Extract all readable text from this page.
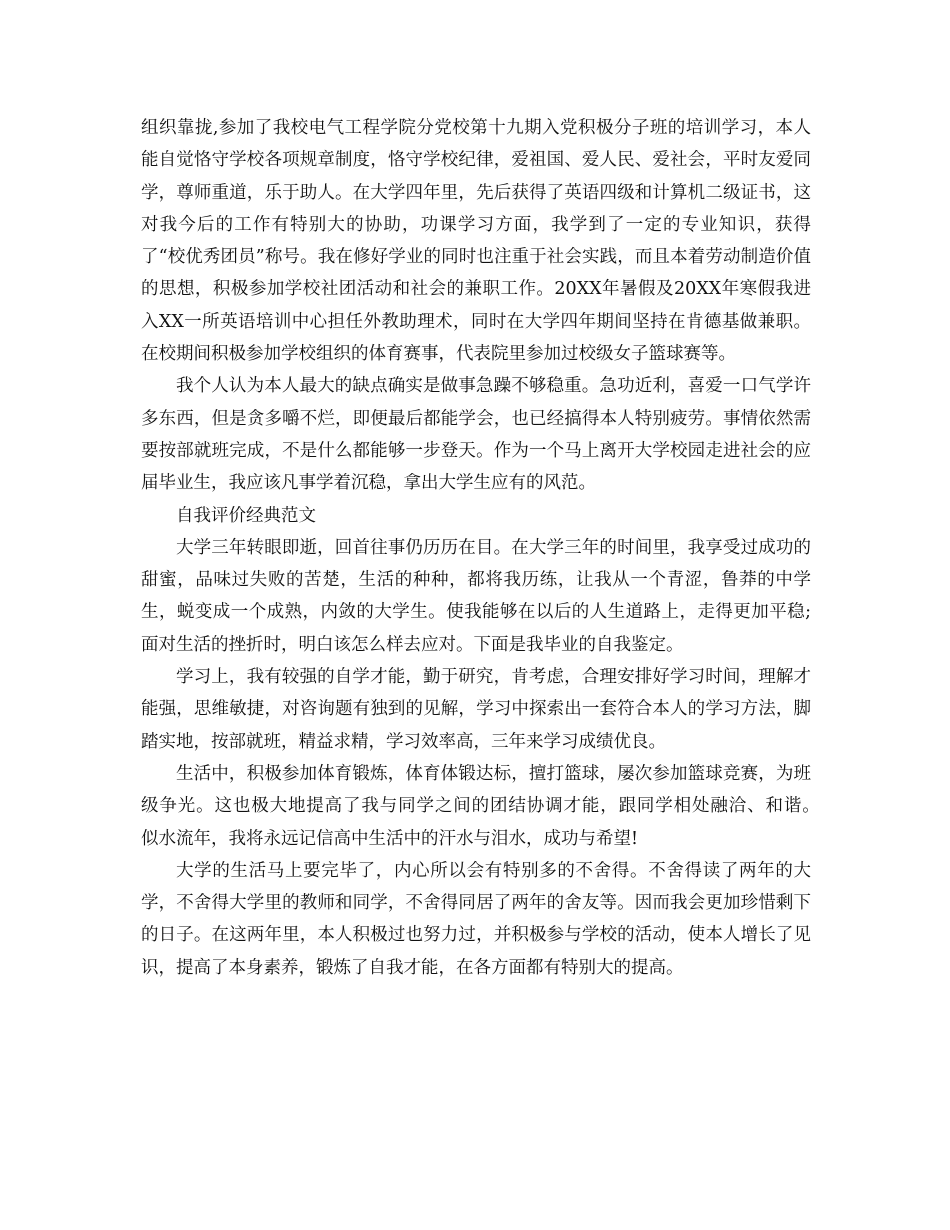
组织靠拢,参加了我校电气工程学院分党校第十九期入党积极分子班的培训学习，本人能自觉恪守学校各项规章制度，恪守学校纪律，爱祖国、爱人民、爱社会，平时友爱同学，尊师重道，乐于助人。在大学四年里，先后获得了英语四级和计算机二级证书，这对我今后的工作有特别大的协助，功课学习方面，我学到了一定的专业知识，获得了“校优秀团员”称号。我在修好学业的同时也注重于社会实践，而且本着劳动制造价值的思想，积极参加学校社团活动和社会的兼职工作。20XX年暑假及20XX年寒假我进入XX一所英语培训中心担任外教助理术，同时在大学四年期间坚持在肯德基做兼职。在校期间积极参加学校组织的体育赛事，代表院里参加过校级女子篮球赛等。

我个人认为本人最大的缺点确实是做事急躁不够稳重。急功近利，喜爱一口气学许多东西，但是贪多嚼不烂，即便最后都能学会，也已经搞得本人特别疲劳。事情依然需要按部就班完成，不是什么都能够一步登天。作为一个马上离开大学校园走进社会的应届毕业生，我应该凡事学着沉稳，拿出大学生应有的风范。

自我评价经典范文

大学三年转眼即逝，回首往事仍历历在目。在大学三年的时间里，我享受过成功的甜蜜，品味过失败的苦楚，生活的种种，都将我历练，让我从一个青涩，鲁莽的中学生，蜕变成一个成熟，内敛的大学生。使我能够在以后的人生道路上，走得更加平稳;面对生活的挫折时，明白该怎么样去应对。下面是我毕业的自我鉴定。

学习上，我有较强的自学才能，勤于研究，肯考虑，合理安排好学习时间，理解才能强，思维敏捷，对咨询题有独到的见解，学习中探索出一套符合本人的学习方法，脚踏实地，按部就班，精益求精，学习效率高，三年来学习成绩优良。

生活中，积极参加体育锻炼，体育体锻达标，擅打篮球，屡次参加篮球竞赛，为班级争光。这也极大地提高了我与同学之间的团结协调才能，跟同学相处融洽、和谐。　　似水流年，我将永远记信高中生活中的汗水与泪水，成功与希望!

大学的生活马上要完毕了，内心所以会有特别多的不舍得。不舍得读了两年的大学，不舍得大学里的教师和同学，不舍得同居了两年的舍友等。因而我会更加珍惜剩下的日子。在这两年里，本人积极过也努力过，并积极参与学校的活动，使本人增长了见识，提高了本身素养，锻炼了自我才能，在各方面都有特别大的提高。
